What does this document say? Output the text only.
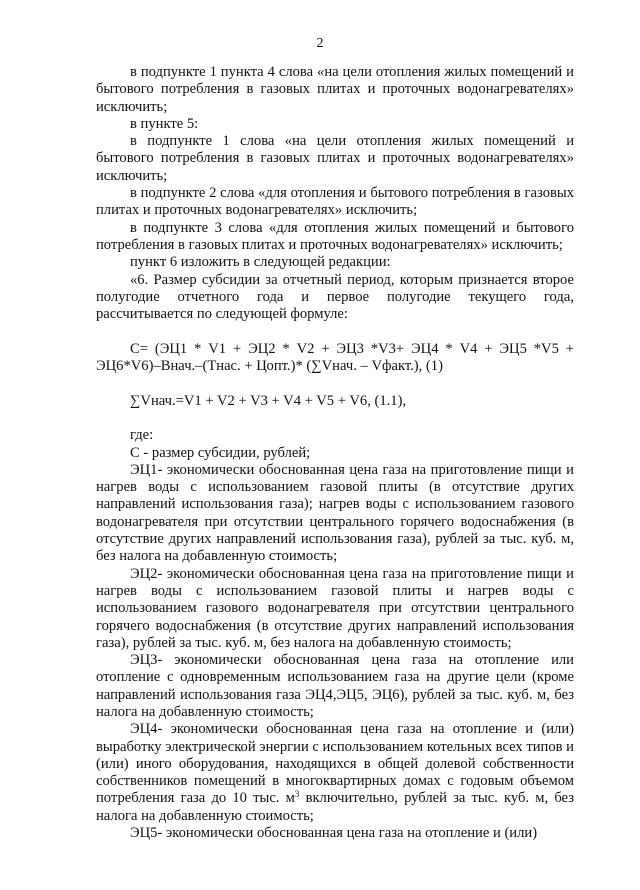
2

в подпункте 1 пункта 4 слова «на цели отопления жилых помещений и бытового потребления в газовых плитах и проточных водонагревателях» исключить;

в пункте 5:

в подпункте 1 слова «на цели отопления жилых помещений и бытового потребления в газовых плитах и проточных водонагревателях» исключить;

в подпункте 2 слова «для отопления и бытового потребления в газовых плитах и проточных водонагревателях» исключить;

в подпункте 3 слова «для отопления жилых помещений и бытового потребления в газовых плитах и проточных водонагревателях» исключить;

пункт 6 изложить в следующей редакции:

«6. Размер субсидии за отчетный период, которым признается второе полугодие отчетного года и первое полугодие текущего года, рассчитывается по следующей формуле:

С= (ЭЦ1 * V1 + ЭЦ2 * V2 + ЭЦ3 *V3+ ЭЦ4 * V4 + ЭЦ5 *V5 + ЭЦ6*V6)–Внач.–(Тнас. + Цопт.)* (∑Vнач. – Vфакт.), (1)

∑Vнач.=V1 + V2 + V3 + V4 + V5 + V6, (1.1),

где:

С - размер субсидии, рублей;

ЭЦ1- экономически обоснованная цена газа на приготовление пищи и нагрев воды с использованием газовой плиты (в отсутствие других направлений использования газа); нагрев воды с использованием газового водонагревателя при отсутствии центрального горячего водоснабжения (в отсутствие других направлений использования газа), рублей за тыс. куб. м, без налога на добавленную стоимость;

ЭЦ2- экономически обоснованная цена газа на приготовление пищи и нагрев воды с использованием газовой плиты и нагрев воды с использованием газового водонагревателя при отсутствии центрального горячего водоснабжения (в отсутствие других направлений использования газа), рублей за тыс. куб. м, без налога на добавленную стоимость;

ЭЦ3- экономически обоснованная цена газа на отопление или отопление с одновременным использованием газа на другие цели (кроме направлений использования газа ЭЦ4,ЭЦ5, ЭЦ6), рублей за тыс. куб. м, без налога на добавленную стоимость;

ЭЦ4- экономически обоснованная цена газа на отопление и (или) выработку электрической энергии с использованием котельных всех типов и (или) иного оборудования, находящихся в общей долевой собственности собственников помещений в многоквартирных домах с годовым объемом потребления газа до 10 тыс. $м^3$ включительно, рублей за тыс. куб. м, без налога на добавленную стоимость;

ЭЦ5- экономически обоснованная цена газа на отопление и (или)
